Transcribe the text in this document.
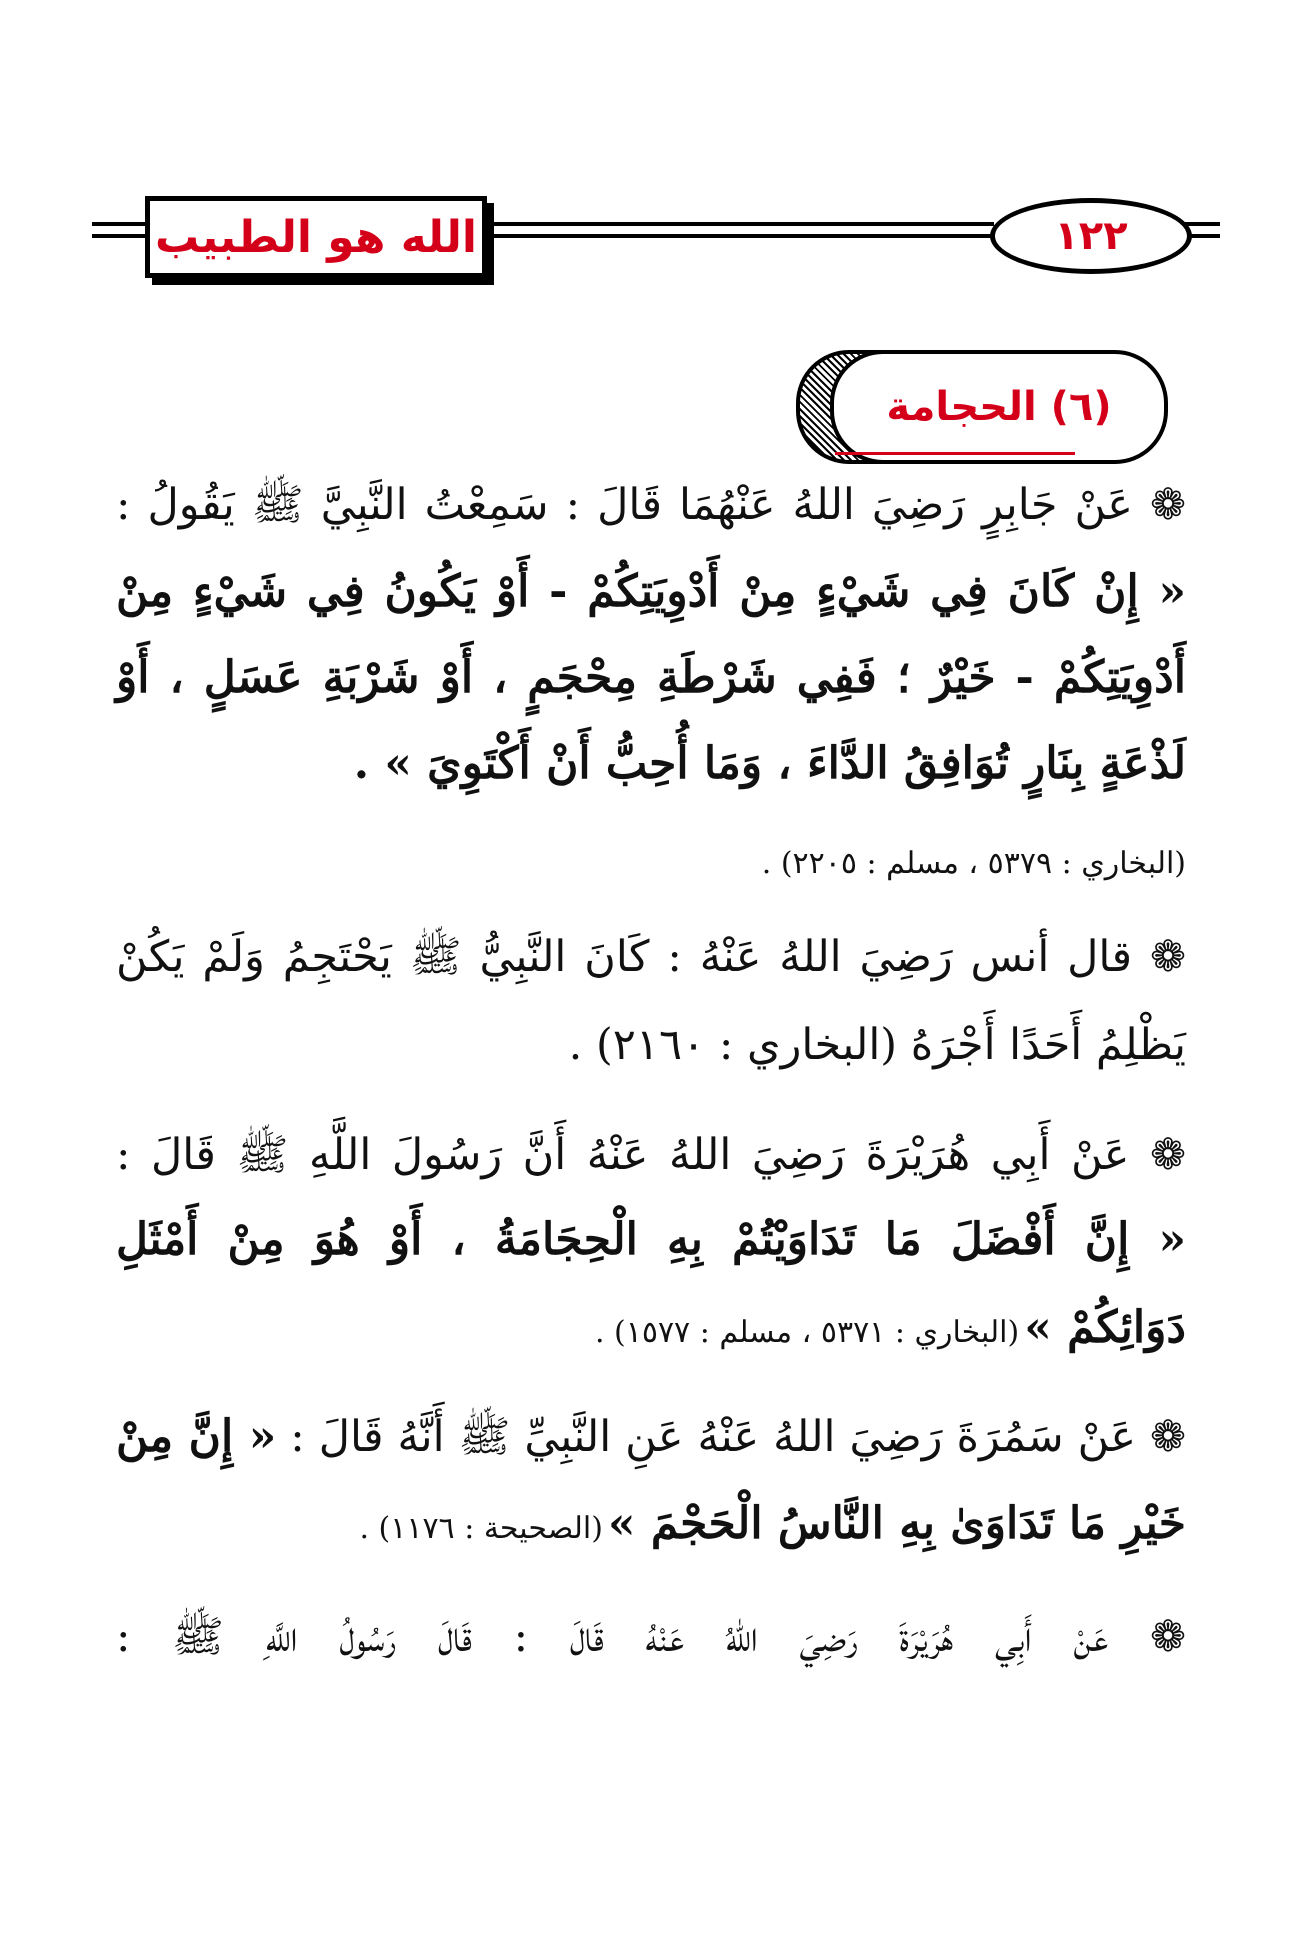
الله هو الطبيب	١٢٢
(٦) الحجامة
❁ عَنْ جَابِرٍ رَضِيَ اللهُ عَنْهُمَا قَالَ : سَمِعْتُ النَّبِيَّ ﷺ يَقُولُ :
« إِنْ كَانَ فِي شَيْءٍ مِنْ أَدْوِيَتِكُمْ - أَوْ يَكُونُ فِي شَيْءٍ مِنْ
أَدْوِيَتِكُمْ - خَيْرٌ ؛ فَفِي شَرْطَةِ مِحْجَمٍ ، أَوْ شَرْبَةِ عَسَلٍ ، أَوْ
لَذْعَةٍ بِنَارٍ تُوَافِقُ الدَّاءَ ، وَمَا أُحِبُّ أَنْ أَكْتَوِيَ » .
(البخاري : ٥٣٧٩ ، مسلم : ٢٢٠٥) .
❁ قال أنس رَضِيَ اللهُ عَنْهُ : كَانَ النَّبِيُّ ﷺ يَحْتَجِمُ وَلَمْ يَكُنْ
يَظْلِمُ أَحَدًا أَجْرَهُ (البخاري : ٢١٦٠) .
❁ عَنْ أَبِي هُرَيْرَةَ رَضِيَ اللهُ عَنْهُ أَنَّ رَسُولَ اللَّهِ ﷺ قَالَ :
« إِنَّ أَفْضَلَ مَا تَدَاوَيْتُمْ بِهِ الْحِجَامَةُ ، أَوْ هُوَ مِنْ أَمْثَلِ
دَوَائِكُمْ » (البخاري : ٥٣٧١ ، مسلم : ١٥٧٧) .
❁ عَنْ سَمُرَةَ رَضِيَ اللهُ عَنْهُ عَنِ النَّبِيِّ ﷺ أَنَّهُ قَالَ : « إِنَّ مِنْ
خَيْرِ مَا تَدَاوَىٰ بِهِ النَّاسُ الْحَجْمَ » (الصحيحة : ١١٧٦) .
❁ عَنْ أَبِي هُرَيْرَةَ رَضِيَ اللهُ عَنْهُ قَالَ : قَالَ رَسُولُ اللَّهِ ﷺ :
